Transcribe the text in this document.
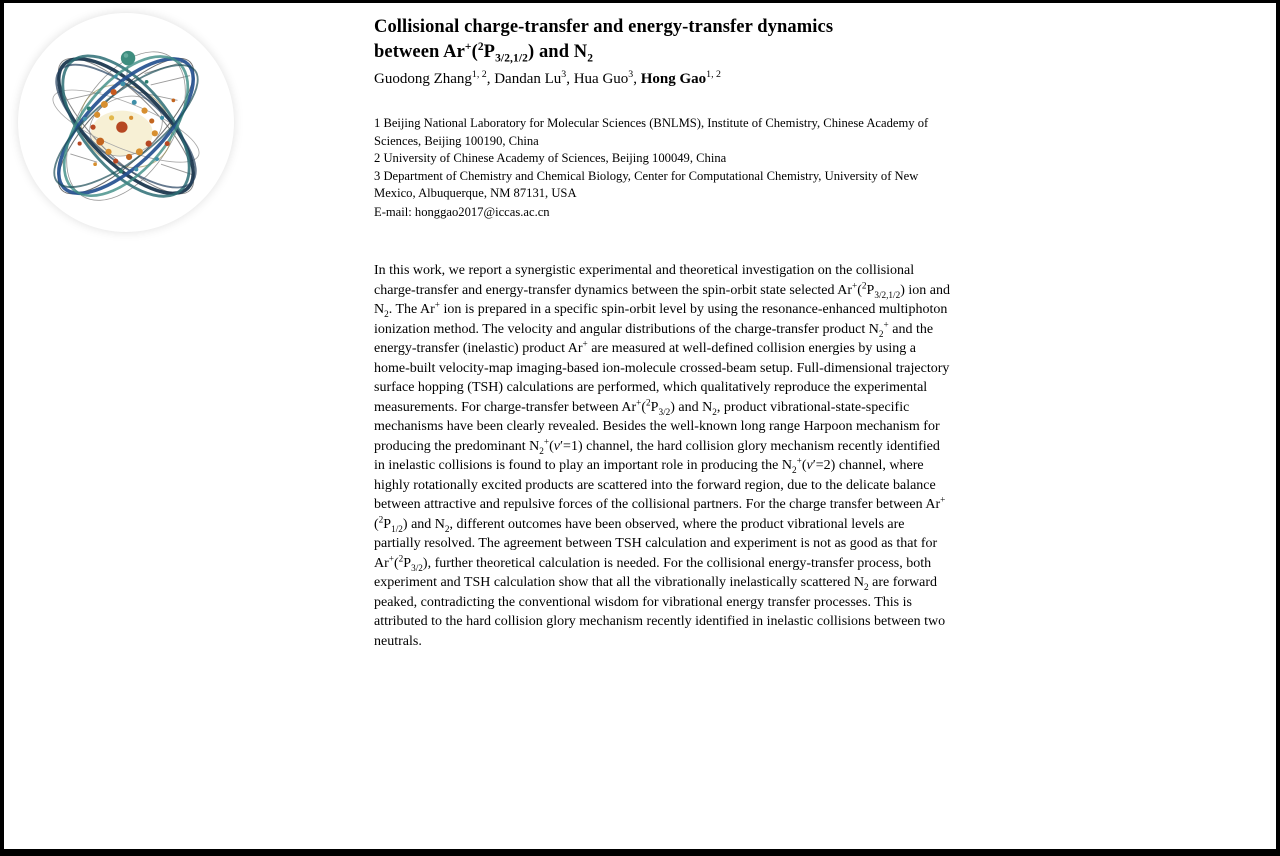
Collisional charge-transfer and energy-transfer dynamics
between $Ar^+(^2P_{3/2,1/2})$ and $N_2$
Guodong Zhang$^{1, 2}$, Dandan Lu$^3$, Hua Guo$^3$, Hong Gao$^{1, 2}$

1 Beijing National Laboratory for Molecular Sciences (BNLMS), Institute of Chemistry, Chinese Academy of Sciences, Beijing 100190, China

2 University of Chinese Academy of Sciences, Beijing 100049, China

3 Department of Chemistry and Chemical Biology, Center for Computational Chemistry, University of New Mexico, Albuquerque, NM 87131, USA

E-mail: honggao2017@iccas.ac.cn
In this work, we report a synergistic experimental and theoretical investigation on the collisional charge-transfer and energy-transfer dynamics between the spin-orbit state selected $Ar^+(^2P_{3/2,1/2})$ ion and $N_2$. The Ar+ ion is prepared in a specific spin-orbit level by using the resonance-enhanced multiphoton ionization method. The velocity and angular distributions of the charge-transfer product $N_2^+$ and the energy-transfer (inelastic) product Ar+ are measured at well-defined collision energies by using a home-built velocity-map imaging-based ion-molecule crossed-beam setup. Full-dimensional trajectory surface hopping (TSH) calculations are performed, which qualitatively reproduce the experimental measurements. For charge-transfer between $Ar^+(^2P_{3/2})$ and $N_2$, product vibrational-state-specific mechanisms have been clearly revealed. Besides the well-known long range Harpoon mechanism for producing the predominant $N_2^+(v'=1)$ channel, the hard collision glory mechanism recently identified in inelastic collisions is found to play an important role in producing the $N_2^+(v'=2)$ channel, where highly rotationally excited products are scattered into the forward region, due to the delicate balance between attractive and repulsive forces of the collisional partners. For the charge transfer between $Ar^+(^2P_{1/2})$ and $N_2$, different outcomes have been observed, where the product vibrational levels are partially resolved. The agreement between TSH calculation and experiment is not as good as that for $Ar^+(^2P_{3/2})$, further theoretical calculation is needed. For the collisional energy-transfer process, both experiment and TSH calculation show that all the vibrationally inelastically scattered $N_2$ are forward peaked, contradicting the conventional wisdom for vibrational energy transfer processes. This is attributed to the hard collision glory mechanism recently identified in inelastic collisions between two neutrals.
